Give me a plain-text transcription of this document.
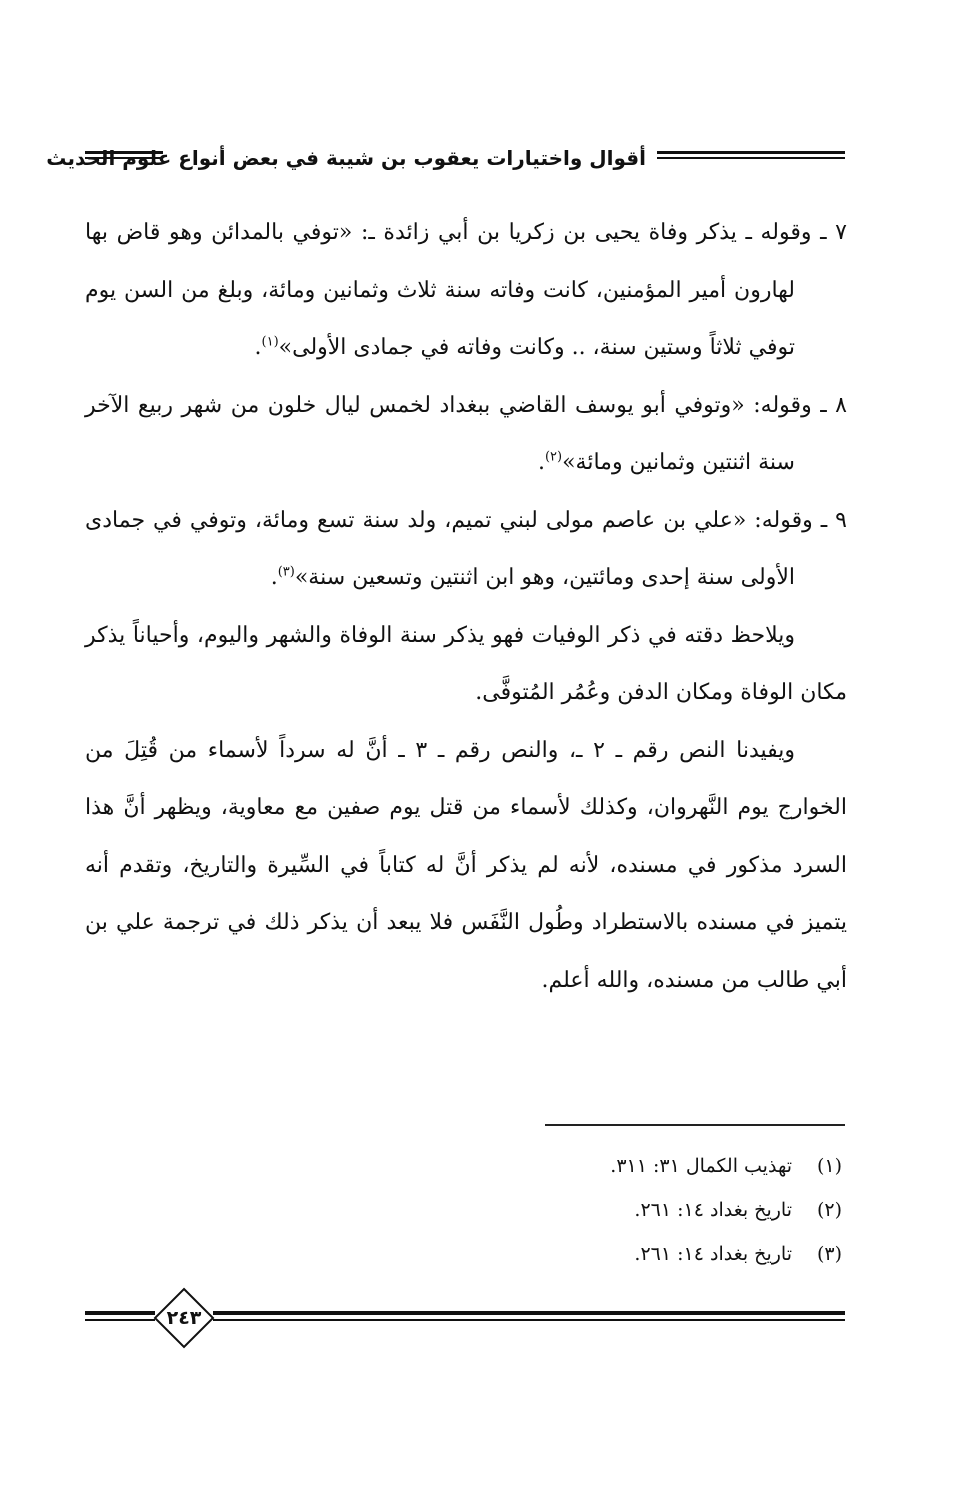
أقوال واختيارات يعقوب بن شيبة في بعض أنواع علوم الحديث

٧ ـ وقوله ـ يذكر وفاة يحيى بن زكريا بن أبي زائدة ـ: «توفي بالمدائن وهو قاض بها لهارون أمير المؤمنين، كانت وفاته سنة ثلاث وثمانين ومائة، وبلغ من السن يوم توفي ثلاثاً وستين سنة، .. وكانت وفاته في جمادى الأولى»$^{(١)}$.

٨ ـ وقوله: «وتوفي أبو يوسف القاضي ببغداد لخمس ليال خلون من شهر ربيع الآخر سنة اثنتين وثمانين ومائة»$^{(٢)}$.

٩ ـ وقوله: «علي بن عاصم مولى لبني تميم، ولد سنة تسع ومائة، وتوفي في جمادى الأولى سنة إحدى ومائتين، وهو ابن اثنتين وتسعين سنة»$^{(٣)}$.

ويلاحظ دقته في ذكر الوفيات فهو يذكر سنة الوفاة والشهر واليوم، وأحياناً يذكر مكان الوفاة ومكان الدفن وعُمُر المُتوفَّى.

ويفيدنا النص رقم ـ ٢ ـ، والنص رقم ـ ٣ ـ أنَّ له سرداً لأسماء من قُتِلَ من الخوارج يوم النَّهروان، وكذلك لأسماء من قتل يوم صفين مع معاوية، ويظهر أنَّ هذا السرد مذكور في مسنده، لأنه لم يذكر أنَّ له كتاباً في السِّيرة والتاريخ، وتقدم أنه يتميز في مسنده بالاستطراد وطُول النَّفَس فلا يبعد أن يذكر ذلك في ترجمة علي بن أبي طالب من مسنده، والله أعلم.

(١)
تهذيب الكمال ٣١: ٣١١.
(٢)
تاريخ بغداد ١٤: ٢٦١.
(٣)
تاريخ بغداد ١٤: ٢٦١.
٢٤٣
